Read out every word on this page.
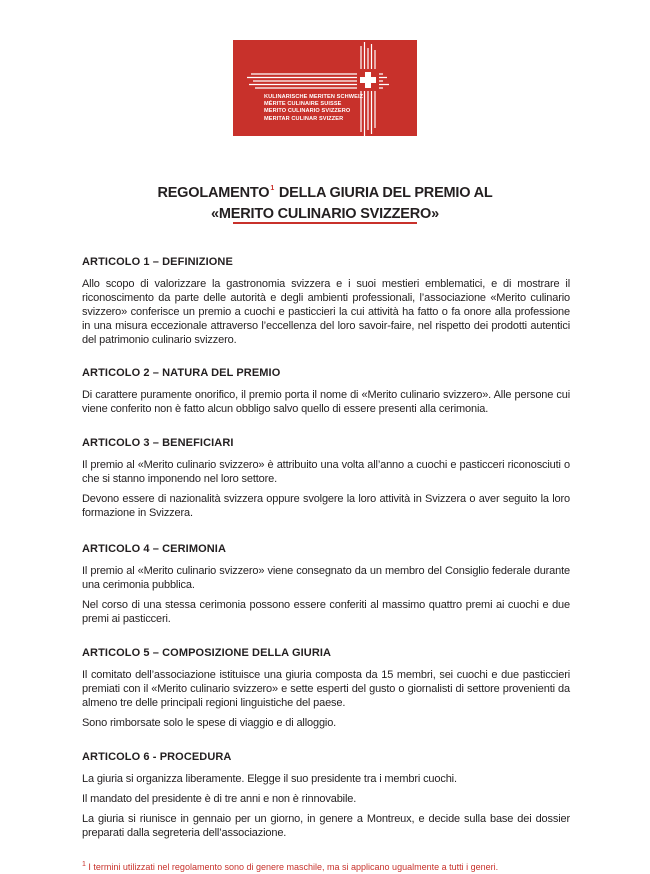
KULINARISCHE MERITEN SCHWEIZ
MÉRITE CULINAIRE SUISSE
MERITO CULINARIO SVIZZERO
MERITAR CULINAR SVIZZER
REGOLAMENTO$^1$ DELLA GIURIA DEL PREMIO AL
«MERITO CULINARIO SVIZZERO»
ARTICOLO 1 – DEFINIZIONE

Allo scopo di valorizzare la gastronomia svizzera e i suoi mestieri emblematici, e di mostrare il riconoscimento da parte delle autorità e degli ambienti professionali, l’associazione «Merito culinario svizzero» conferisce un premio a cuochi e pasticcieri la cui attività ha fatto o fa onore alla professione in una misura eccezionale attraverso l’eccellenza del loro savoir-faire, nel rispetto dei prodotti autentici del patrimonio culinario svizzero.

ARTICOLO 2 – NATURA DEL PREMIO

Di carattere puramente onorifico, il premio porta il nome di «Merito culinario svizzero». Alle persone cui viene conferito non è fatto alcun obbligo salvo quello di essere presenti alla cerimonia.

ARTICOLO 3 – BENEFICIARI

Il premio al «Merito culinario svizzero» è attribuito una volta all’anno a cuochi e pasticceri riconosciuti o che si stanno imponendo nel loro settore.

Devono essere di nazionalità svizzera oppure svolgere la loro attività in Svizzera o aver seguito la loro formazione in Svizzera.

ARTICOLO 4 – CERIMONIA

Il premio al «Merito culinario svizzero» viene consegnato da un membro del Consiglio federale durante una cerimonia pubblica.

Nel corso di una stessa cerimonia possono essere conferiti al massimo quattro premi ai cuochi e due premi ai pasticceri.

ARTICOLO 5 – COMPOSIZIONE DELLA GIURIA

Il comitato dell’associazione istituisce una giuria composta da 15 membri, sei cuochi e due pasticcieri premiati con il «Merito culinario svizzero» e sette esperti del gusto o giornalisti di settore provenienti da almeno tre delle principali regioni linguistiche del paese.

Sono rimborsate solo le spese di viaggio e di alloggio.

ARTICOLO 6 - PROCEDURA

La giuria si organizza liberamente. Elegge il suo presidente tra i membri cuochi.

Il mandato del presidente è di tre anni e non è rinnovabile.

La giuria si riunisce in gennaio per un giorno, in genere a Montreux, e decide sulla base dei dossier preparati dalla segreteria dell’associazione.

$^1$ I termini utilizzati nel regolamento sono di genere maschile, ma si applicano ugualmente a tutti i generi.
